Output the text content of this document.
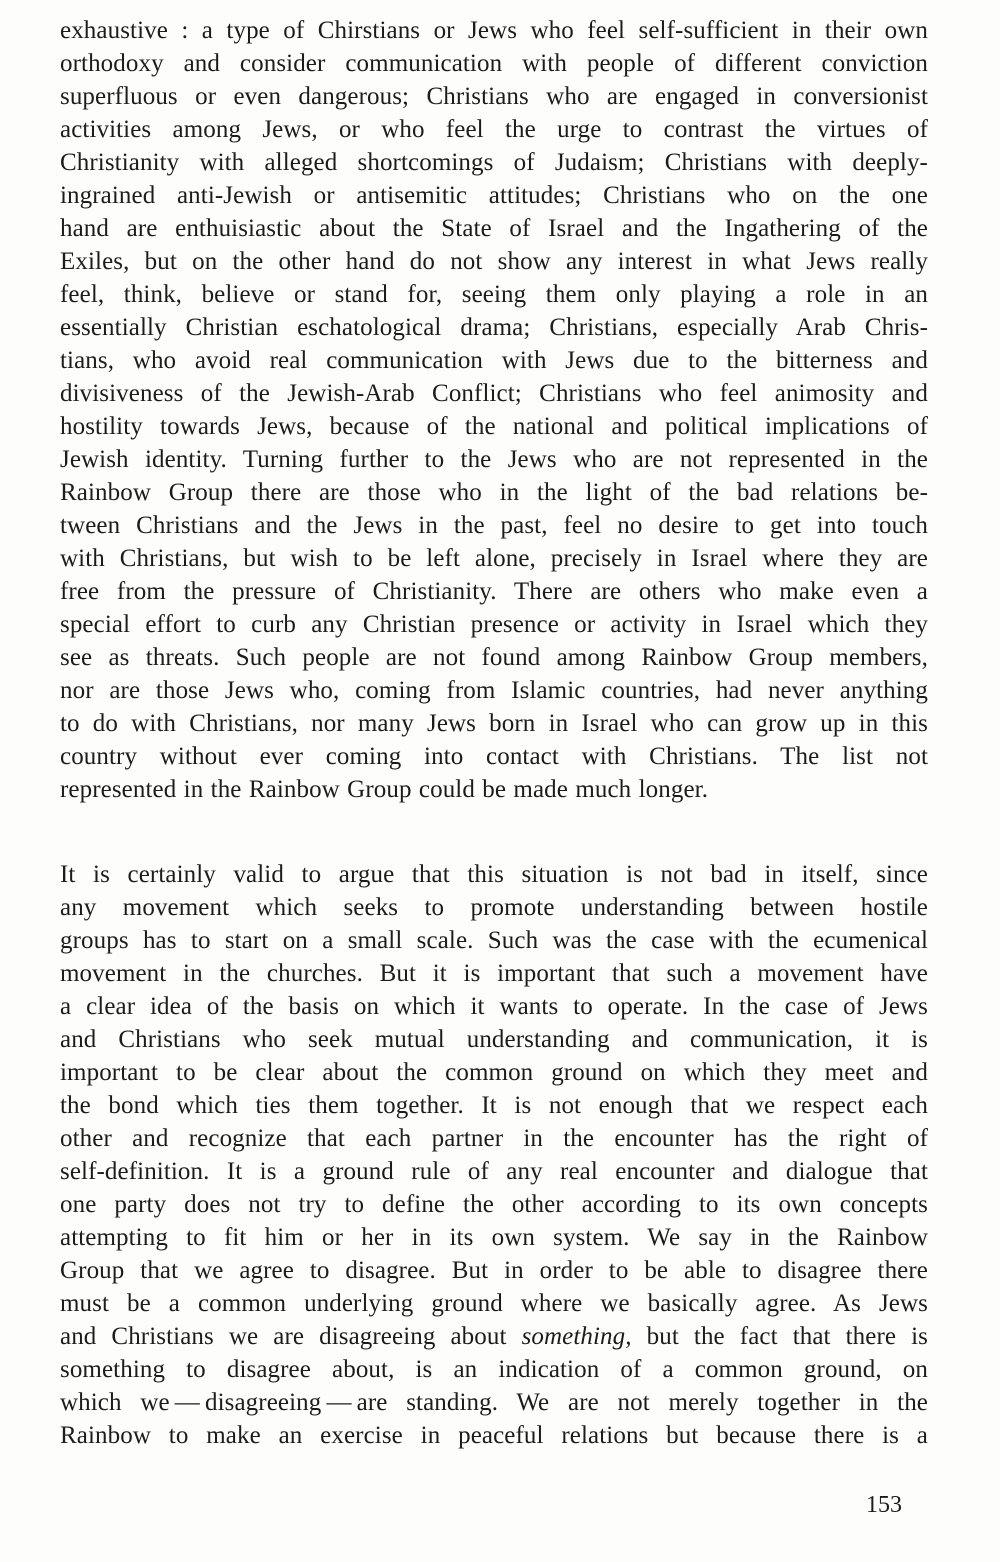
exhaustive : a type of Chirstians or Jews who feel self-sufficient in their own
orthodoxy and consider communication with people of different conviction
superfluous or even dangerous; Christians who are engaged in conversionist
activities among Jews, or who feel the urge to contrast the virtues of
Christianity with alleged shortcomings of Judaism; Christians with deeply-
ingrained anti-Jewish or antisemitic attitudes; Christians who on the one
hand are enthuisiastic about the State of Israel and the Ingathering of the
Exiles, but on the other hand do not show any interest in what Jews really
feel, think, believe or stand for, seeing them only playing a role in an
essentially Christian eschatological drama; Christians, especially Arab Chris-
tians, who avoid real communication with Jews due to the bitterness and
divisiveness of the Jewish-Arab Conflict; Christians who feel animosity and
hostility towards Jews, because of the national and political implications of
Jewish identity. Turning further to the Jews who are not represented in the
Rainbow Group there are those who in the light of the bad relations be-
tween Christians and the Jews in the past, feel no desire to get into touch
with Christians, but wish to be left alone, precisely in Israel where they are
free from the pressure of Christianity. There are others who make even a
special effort to curb any Christian presence or activity in Israel which they
see as threats. Such people are not found among Rainbow Group members,
nor are those Jews who, coming from Islamic countries, had never anything
to do with Christians, nor many Jews born in Israel who can grow up in this
country without ever coming into contact with Christians. The list not
represented in the Rainbow Group could be made much longer.
It is certainly valid to argue that this situation is not bad in itself, since
any movement which seeks to promote understanding between hostile
groups has to start on a small scale. Such was the case with the ecumenical
movement in the churches. But it is important that such a movement have
a clear idea of the basis on which it wants to operate. In the case of Jews
and Christians who seek mutual understanding and communication, it is
important to be clear about the common ground on which they meet and
the bond which ties them together. It is not enough that we respect each
other and recognize that each partner in the encounter has the right of
self-definition. It is a ground rule of any real encounter and dialogue that
one party does not try to define the other according to its own concepts
attempting to fit him or her in its own system. We say in the Rainbow
Group that we agree to disagree. But in order to be able to disagree there
must be a common underlying ground where we basically agree. As Jews
and Christians we are disagreeing about something, but the fact that there is
something to disagree about, is an indication of a common ground, on
which we — disagreeing — are standing. We are not merely together in the
Rainbow to make an exercise in peaceful relations but because there is a
153
